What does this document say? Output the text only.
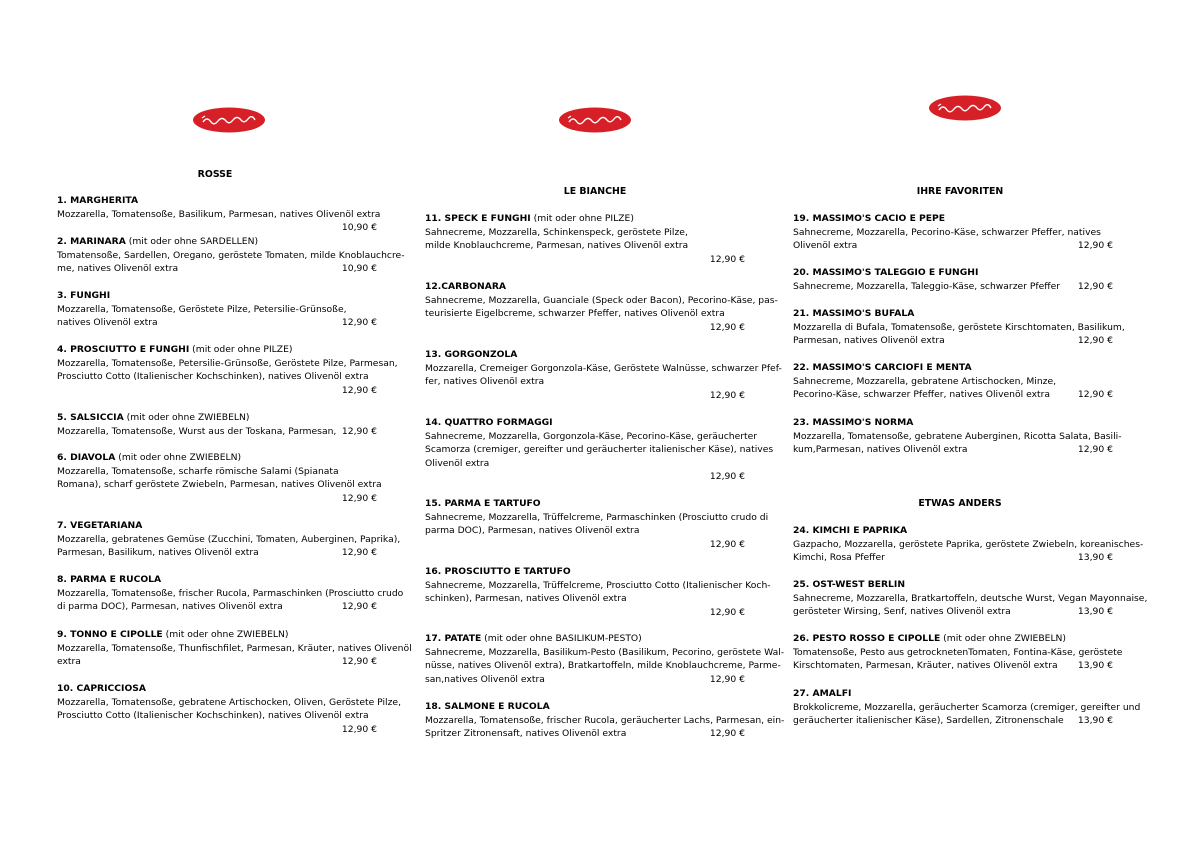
ROSSE
LE BIANCHE	IHRE FAVORITEN
ETWAS ANDERS
1. MARGHERITA
Mozzarella, Tomatensoße, Basilikum, Parmesan, natives Olivenöl extra
10,90 €
2. MARINARA (mit oder ohne SARDELLEN)
Tomatensoße, Sardellen, Oregano, geröstete Tomaten, milde Knoblauchcre-
me, natives Olivenöl extra	10,90 €
3. FUNGHI
Mozzarella, Tomatensoße, Geröstete Pilze, Petersilie-Grünsoße,
natives Olivenöl extra	12,90 €
4. PROSCIUTTO E FUNGHI (mit oder ohne PILZE)
Mozzarella, Tomatensoße, Petersilie-Grünsoße, Geröstete Pilze, Parmesan,
Prosciutto Cotto (Italienischer Kochschinken), natives Olivenöl extra
12,90 €
5. SALSICCIA (mit oder ohne ZWIEBELN)
Mozzarella, Tomatensoße, Wurst aus der Toskana, Parmesan, 12,90 €
6. DIAVOLA (mit oder ohne ZWIEBELN)
Mozzarella, Tomatensoße, scharfe römische Salami (Spianata
Romana), scharf geröstete Zwiebeln, Parmesan, natives Olivenöl extra
12,90 €
7. VEGETARIANA
Mozzarella, gebratenes Gemüse (Zucchini, Tomaten, Auberginen, Paprika),
Parmesan, Basilikum, natives Olivenöl extra	12,90 €
8. PARMA E RUCOLA
Mozzarella, Tomatensoße, frischer Rucola, Parmaschinken (Prosciutto crudo
di parma DOC), Parmesan, natives Olivenöl extra	12,90 €
9. TONNO E CIPOLLE (mit oder ohne ZWIEBELN)
Mozzarella, Tomatensoße, Thunfischfilet, Parmesan, Kräuter, natives Olivenöl
extra	12,90 €
10. CAPRICCIOSA
Mozzarella, Tomatensoße, gebratene Artischocken, Oliven, Geröstete Pilze,
Prosciutto Cotto (Italienischer Kochschinken), natives Olivenöl extra
12,90 €
11. SPECK E FUNGHI (mit oder ohne PILZE)
Sahnecreme, Mozzarella, Schinkenspeck, geröstete Pilze,
milde Knoblauchcreme, Parmesan, natives Olivenöl extra
12,90 €
12.CARBONARA
Sahnecreme, Mozzarella, Guanciale (Speck oder Bacon), Pecorino-Käse, pas-
teurisierte Eigelbcreme, schwarzer Pfeffer, natives Olivenöl extra
12,90 €
13. GORGONZOLA
Mozzarella, Cremeiger Gorgonzola-Käse, Geröstete Walnüsse, schwarzer Pfef-
fer, natives Olivenöl extra
12,90 €
14. QUATTRO FORMAGGI
Sahnecreme, Mozzarella, Gorgonzola-Käse, Pecorino-Käse, geräucherter
Scamorza (cremiger, gereifter und geräucherter italienischer Käse), natives
Olivenöl extra
12,90 €
15. PARMA E TARTUFO
Sahnecreme, Mozzarella, Trüffelcreme, Parmaschinken (Prosciutto crudo di
parma DOC), Parmesan, natives Olivenöl extra
12,90 €
16. PROSCIUTTO E TARTUFO
Sahnecreme, Mozzarella, Trüffelcreme, Prosciutto Cotto (Italienischer Koch-
schinken), Parmesan, natives Olivenöl extra
12,90 €
17. PATATE (mit oder ohne BASILIKUM-PESTO)
Sahnecreme, Mozzarella, Basilikum-Pesto (Basilikum, Pecorino, geröstete Wal-
nüsse, natives Olivenöl extra), Bratkartoffeln, milde Knoblauchcreme, Parme-
san,natives Olivenöl extra	12,90 €
18. SALMONE E RUCOLA
Mozzarella, Tomatensoße, frischer Rucola, geräucherter Lachs, Parmesan, ein-
Spritzer Zitronensaft, natives Olivenöl extra	12,90 €
19. MASSIMO'S CACIO E PEPE
Sahnecreme, Mozzarella, Pecorino-Käse, schwarzer Pfeffer, natives
Olivenöl extra	12,90 €
20. MASSIMO'S TALEGGIO E FUNGHI
Sahnecreme, Mozzarella, Taleggio-Käse, schwarzer Pfeffer	12,90 €
21. MASSIMO'S BUFALA
Mozzarella di Bufala, Tomatensoße, geröstete Kirschtomaten, Basilikum,
Parmesan, natives Olivenöl extra	12,90 €
22. MASSIMO'S CARCIOFI E MENTA
Sahnecreme, Mozzarella, gebratene Artischocken, Minze,
Pecorino-Käse, schwarzer Pfeffer, natives Olivenöl extra	12,90 €
23. MASSIMO'S NORMA
Mozzarella, Tomatensoße, gebratene Auberginen, Ricotta Salata, Basili-
kum,Parmesan, natives Olivenöl extra	12,90 €
24. KIMCHI E PAPRIKA
Gazpacho, Mozzarella, geröstete Paprika, geröstete Zwiebeln, koreanisches-
Kimchi, Rosa Pfeffer	13,90 €
25. OST-WEST BERLIN
Sahnecreme, Mozzarella, Bratkartoffeln, deutsche Wurst, Vegan Mayonnaise,
gerösteter Wirsing, Senf, natives Olivenöl extra	13,90 €
26. PESTO ROSSO E CIPOLLE (mit oder ohne ZWIEBELN)
Tomatensoße, Pesto aus getrocknetenTomaten, Fontina-Käse, geröstete
Kirschtomaten, Parmesan, Kräuter, natives Olivenöl extra	13,90 €
27. AMALFI
Brokkolicreme, Mozzarella, geräucherter Scamorza (cremiger, gereifter und
geräucherter italienischer Käse), Sardellen, Zitronenschale	13,90 €
